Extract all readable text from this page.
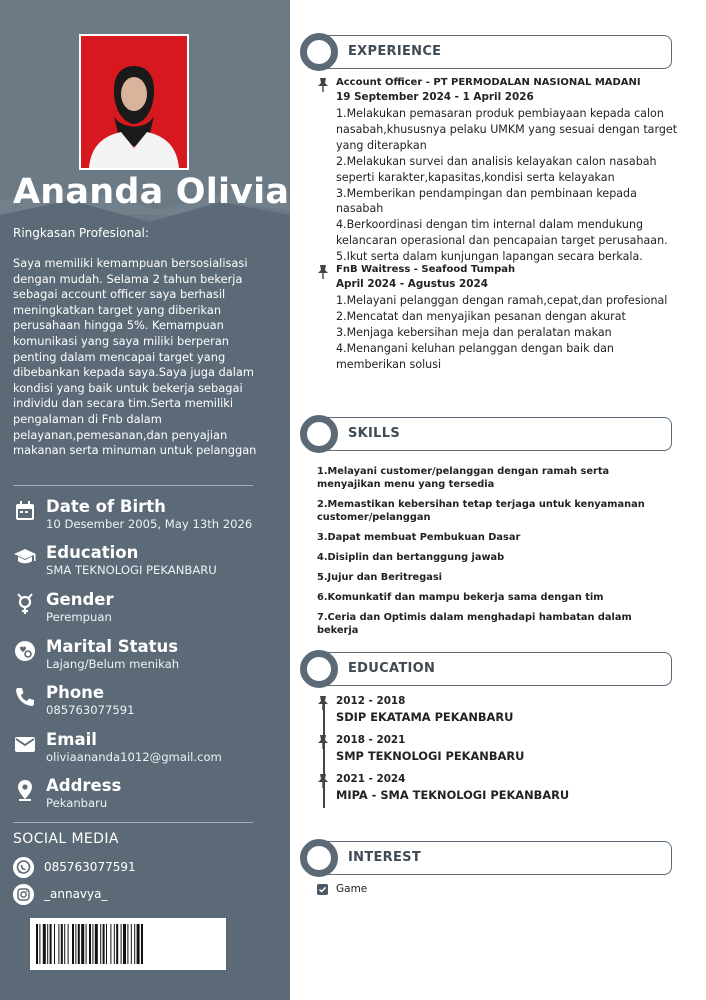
Ananda Olivia
Ringkasan Profesional:
Saya memiliki kemampuan bersosialisasi dengan mudah. Selama 2 tahun bekerja sebagai account officer saya berhasil meningkatkan target yang diberikan perusahaan hingga 5%. Kemampuan komunikasi yang saya miliki berperan penting dalam mencapai target yang dibebankan kepada saya.Saya juga dalam kondisi yang baik untuk bekerja sebagai individu dan secara tim.Serta memiliki pengalaman di Fnb dalam pelayanan,pemesanan,dan penyajian makanan serta minuman untuk pelanggan
Date of Birth
10 Desember 2005, May 13th 2026
Education
SMA TEKNOLOGI PEKANBARU
Gender
Perempuan
Marital Status
Lajang/Belum menikah
Phone
085763077591
Email
oliviaananda1012@gmail.com
Address
Pekanbaru
SOCIAL MEDIA
085763077591
_annavya_
EXPERIENCE
Account Officer - PT PERMODALAN NASIONAL MADANI
19 September 2024 - 1 April 2026
1.Melakukan pemasaran produk pembiayaan kepada calon nasabah,khususnya pelaku UMKM yang sesuai dengan target yang diterapkan
2.Melakukan survei dan analisis kelayakan calon nasabah seperti karakter,kapasitas,kondisi serta kelayakan
3.Memberikan pendampingan dan pembinaan kepada nasabah
4.Berkoordinasi dengan tim internal dalam mendukung kelancaran operasional dan pencapaian target perusahaan.
5.Ikut serta dalam kunjungan lapangan secara berkala.
FnB Waitress - Seafood Tumpah
April 2024 - Agustus 2024
1.Melayani pelanggan dengan ramah,cepat,dan profesional
2.Mencatat dan menyajikan pesanan dengan akurat
3.Menjaga kebersihan meja dan peralatan makan
4.Menangani keluhan pelanggan dengan baik dan memberikan solusi
SKILLS
1.Melayani customer/pelanggan dengan ramah serta menyajikan menu yang tersedia
2.Memastikan kebersihan tetap terjaga untuk kenyamanan customer/pelanggan
3.Dapat membuat Pembukuan Dasar
4.Disiplin dan bertanggung jawab
5.Jujur dan Beritregasi
6.Komunkatif dan mampu bekerja sama dengan tim
7.Ceria dan Optimis dalam menghadapi hambatan dalam bekerja
EDUCATION
2012 - 2018
SDIP EKATAMA PEKANBARU
2018 - 2021
SMP TEKNOLOGI PEKANBARU
2021 - 2024
MIPA - SMA TEKNOLOGI PEKANBARU
INTEREST
Game
